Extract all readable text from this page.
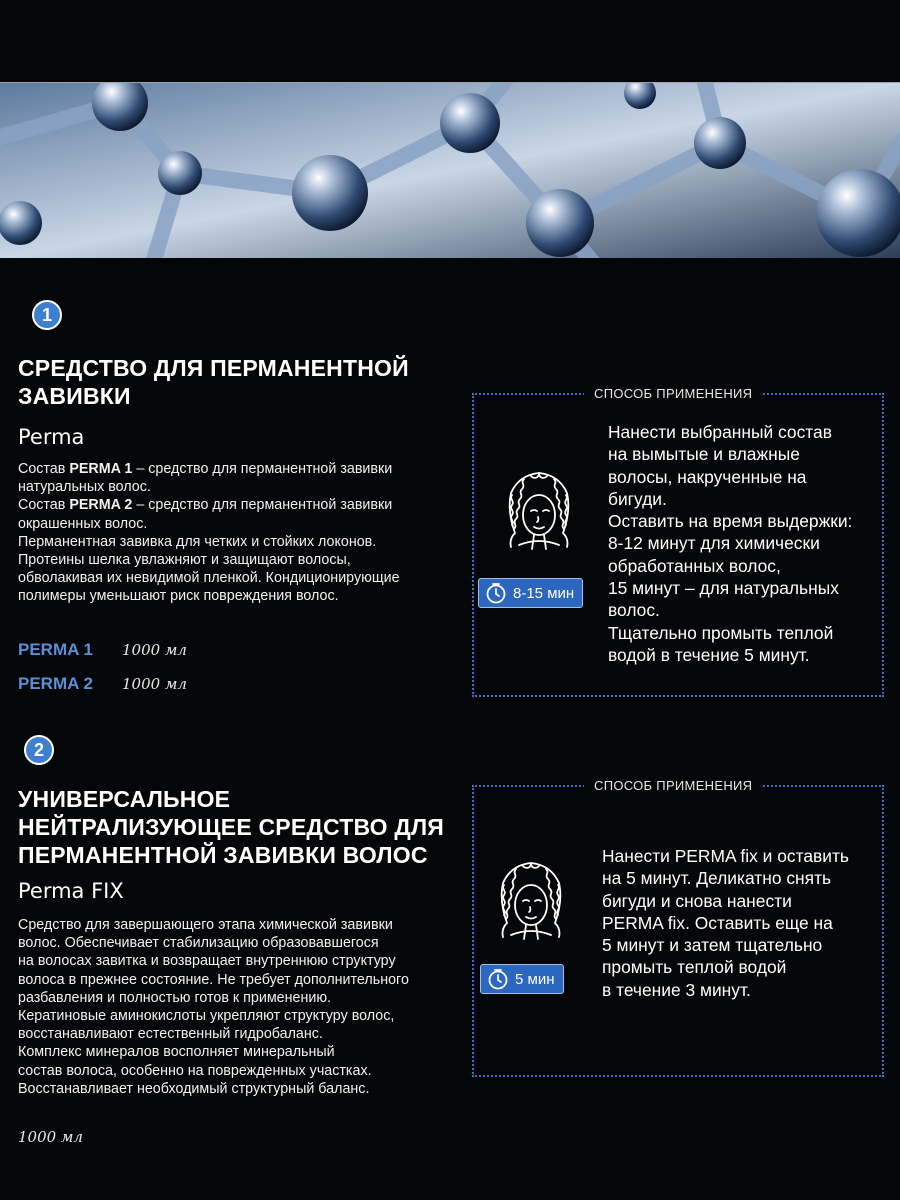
1
СРЕДСТВО ДЛЯ ПЕРМАНЕНТНОЙ
ЗАВИВКИ
Perma

Состав PERMA 1 – средство для перманентной завивки

натуральных волос.

Состав PERMA 2 – средство для перманентной завивки

окрашенных волос.

Перманентная завивка для четких и стойких локонов.

Протеины шелка увлажняют и защищают волосы,

обволакивая их невидимой пленкой. Кондиционирующие

полимеры уменьшают риск повреждения волос.

PERMA 1	1000 мл
PERMA 2	1000 мл
СПОСОБ ПРИМЕНЕНИЯ
8-15 мин

Нанести выбранный состав

на вымытые и влажные

волосы, накрученные на

бигуди.

Оставить на время выдержки:

8-12 минут для химически

обработанных волос,

15 минут – для натуральных

волос.

Тщательно промыть теплой

водой в течение 5 минут.

2
УНИВЕРСАЛЬНОЕ
НЕЙТРАЛИЗУЮЩЕЕ СРЕДСТВО ДЛЯ
ПЕРМАНЕНТНОЙ ЗАВИВКИ ВОЛОС
Perma FIX

Средство для завершающего этапа химической завивки

волос. Обеспечивает стабилизацию образовавшегося

на волосах завитка и возвращает внутреннюю структуру

волоса в прежнее состояние. Не требует дополнительного

разбавления и полностью готов к применению.

Кератиновые аминокислоты укрепляют структуру волос,

восстанавливают естественный гидробаланс.

Комплекс минералов восполняет минеральный

состав волоса, особенно на поврежденных участках.

Восстанавливает необходимый структурный баланс.

1000 мл
СПОСОБ ПРИМЕНЕНИЯ
5 мин

Нанести PERMA fix и оставить

на 5 минут. Деликатно снять

бигуди и снова нанести

PERMA fix. Оставить еще на

5 минут и затем тщательно

промыть теплой водой

в течение 3 минут.
